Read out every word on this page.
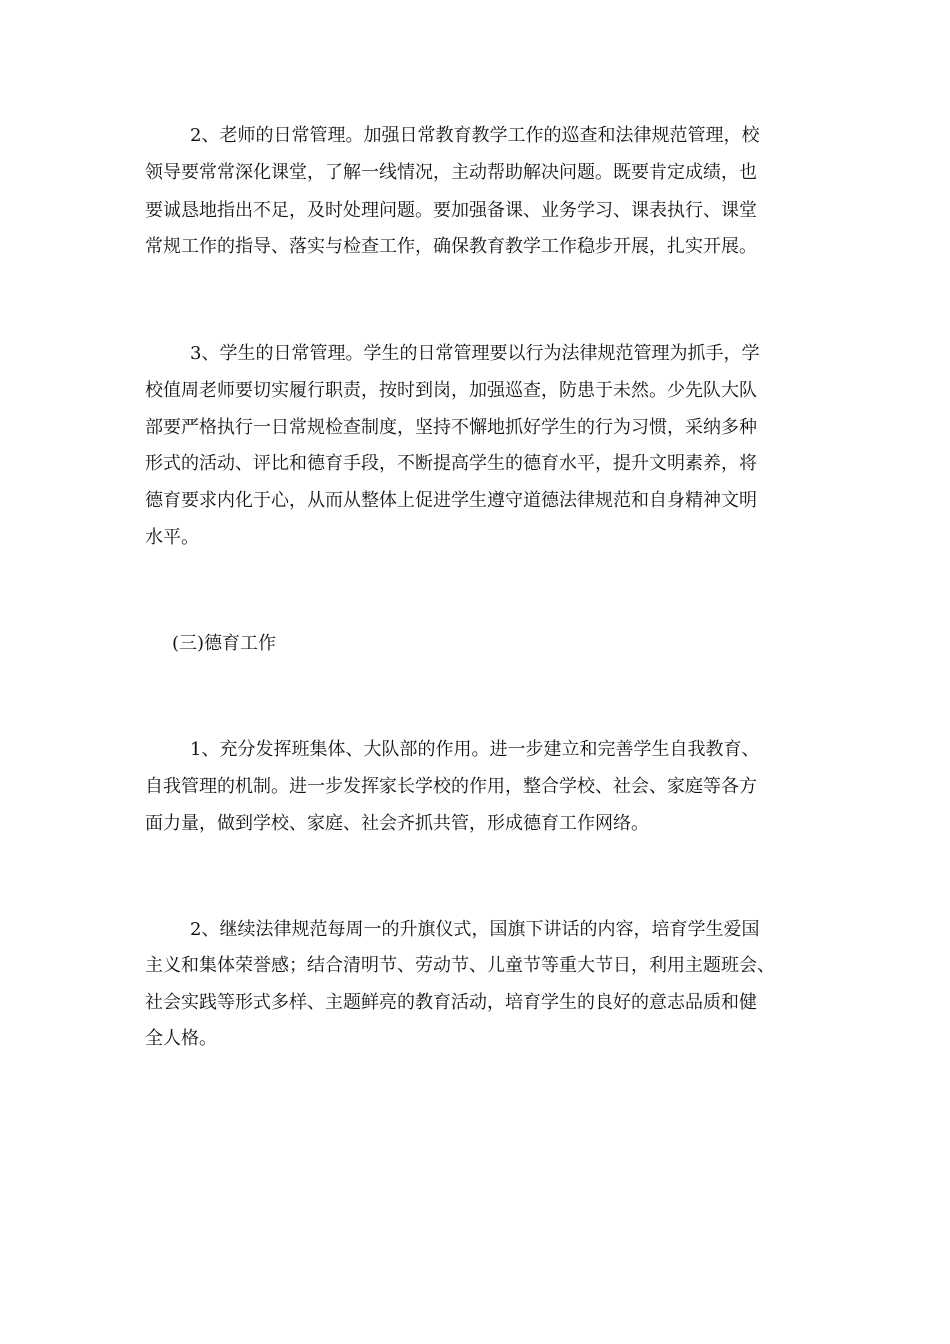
2、老师的日常管理。加强日常教育教学工作的巡查和法律规范管理，校

领导要常常深化课堂，了解一线情况，主动帮助解决问题。既要肯定成绩，也

要诚恳地指出不足，及时处理问题。要加强备课、业务学习、课表执行、课堂

常规工作的指导、落实与检查工作，确保教育教学工作稳步开展，扎实开展。

3、学生的日常管理。学生的日常管理要以行为法律规范管理为抓手，学

校值周老师要切实履行职责，按时到岗，加强巡查，防患于未然。少先队大队

部要严格执行一日常规检查制度，坚持不懈地抓好学生的行为习惯，采纳多种

形式的活动、评比和德育手段，不断提高学生的德育水平，提升文明素养，将

德育要求内化于心，从而从整体上促进学生遵守道德法律规范和自身精神文明

水平。

(三)德育工作

1、充分发挥班集体、大队部的作用。进一步建立和完善学生自我教育、

自我管理的机制。进一步发挥家长学校的作用，整合学校、社会、家庭等各方

面力量，做到学校、家庭、社会齐抓共管，形成德育工作网络。

2、继续法律规范每周一的升旗仪式，国旗下讲话的内容，培育学生爱国

主义和集体荣誉感；结合清明节、劳动节、儿童节等重大节日，利用主题班会、

社会实践等形式多样、主题鲜亮的教育活动，培育学生的良好的意志品质和健

全人格。
